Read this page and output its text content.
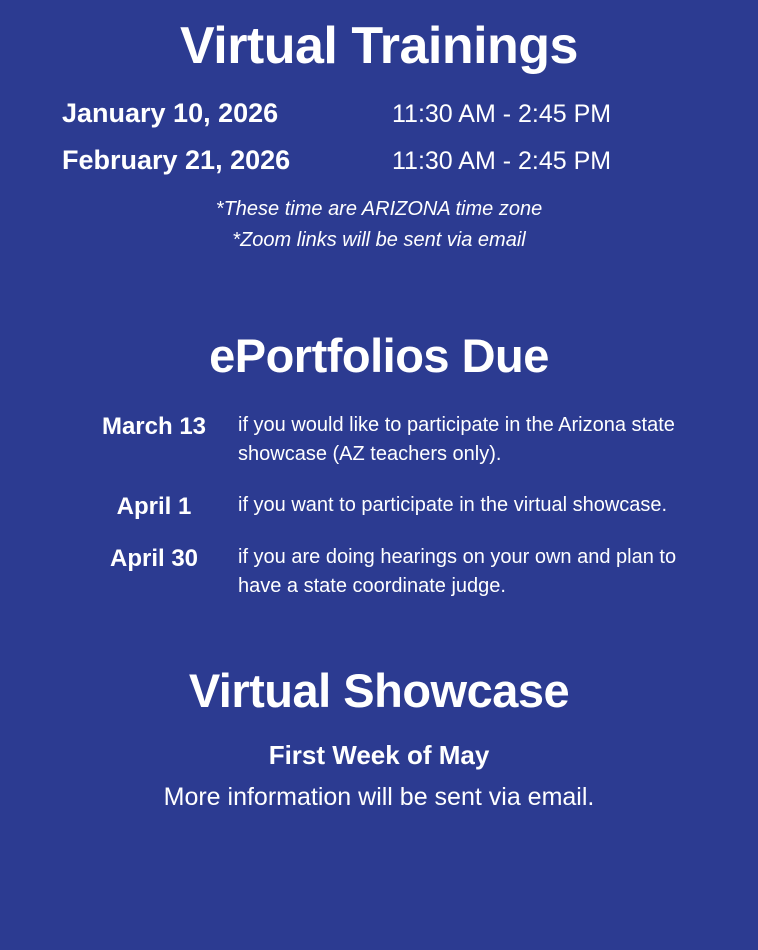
Virtual Trainings
January 10, 2026	11:30 AM - 2:45 PM
February 21, 2026	11:30 AM - 2:45 PM
*These time are ARIZONA time zone
*Zoom links will be sent via email
ePortfolios Due
March 13	if you would like to participate in the Arizona state showcase (AZ teachers only).
April 1	if you want to participate in the virtual showcase.
April 30	if you are doing hearings on your own and plan to have a state coordinate judge.
Virtual Showcase
First Week of May
More information will be sent via email.
